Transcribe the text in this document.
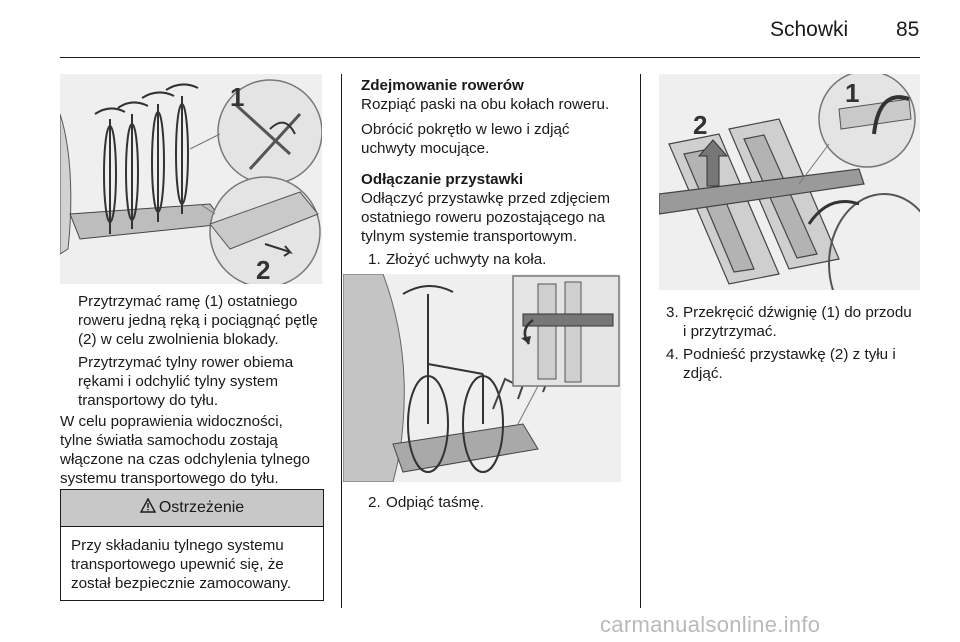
Schowki 85
1
2

Przytrzymać ramę (1) ostatniego

roweru jedną ręką i pociągnąć pętlę

(2) w celu zwolnienia blokady.

Przytrzymać tylny rower obiema

rękami i odchylić tylny system

transportowy do tyłu.

W celu poprawienia widoczności,

tylne światła samochodu zostają

włączone na czas odchylenia tylnego

systemu transportowego do tyłu.

Ostrzeżenie
Przy składaniu tylnego systemu
transportowego upewnić się, że
został bezpiecznie zamocowany.

Zdejmowanie rowerów

Rozpiąć paski na obu kołach roweru.

Obrócić pokrętło w lewo i zdjąć

uchwyty mocujące.

Odłączanie przystawki

Odłączyć przystawkę przed zdjęciem

ostatniego roweru pozostającego na

tylnym systemie transportowym.

1. Złożyć uchwyty na koła.
2. Odpiąć taśmę.
2
1
3. Przekręcić dźwignię (1) do przodu
i przytrzymać.
4. Podnieść przystawkę (2) z tyłu i
zdjąć.
carmanualsonline.info
